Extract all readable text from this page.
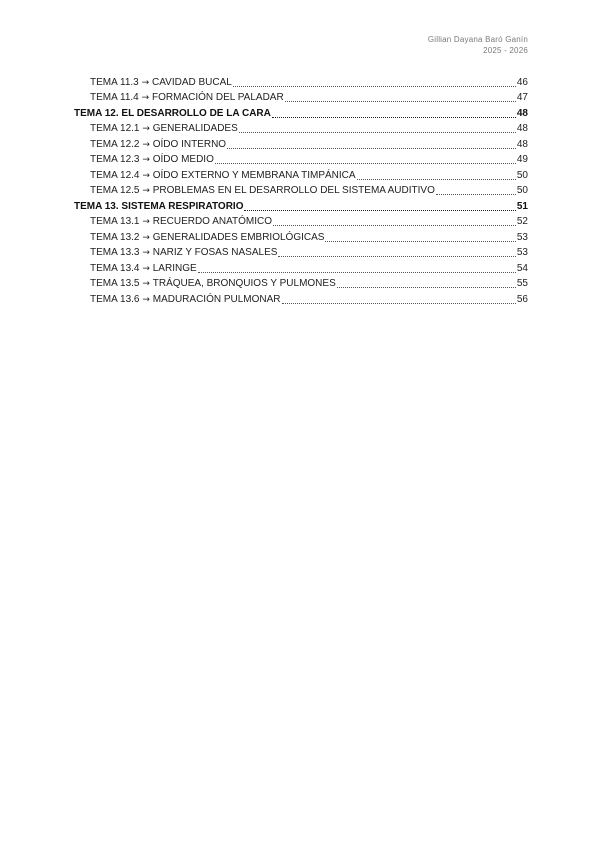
Gillian Dayana Baró Ganín
2025 - 2026
TEMA 11.3 → CAVIDAD BUCAL	46
TEMA 11.4 → FORMACIÓN DEL PALADAR	47
TEMA 12. EL DESARROLLO DE LA CARA	48
TEMA 12.1 → GENERALIDADES	48
TEMA 12.2 → OÍDO INTERNO	48
TEMA 12.3 → OÍDO MEDIO	49
TEMA 12.4 → OÍDO EXTERNO Y MEMBRANA TIMPÁNICA	50
TEMA 12.5 → PROBLEMAS EN EL DESARROLLO DEL SISTEMA AUDITIVO	50
TEMA 13. SISTEMA RESPIRATORIO	51
TEMA 13.1 → RECUERDO ANATÓMICO	52
TEMA 13.2 → GENERALIDADES EMBRIOLÓGICAS	53
TEMA 13.3 → NARIZ Y FOSAS NASALES	53
TEMA 13.4 → LARINGE	54
TEMA 13.5 → TRÁQUEA, BRONQUIOS Y PULMONES	55
TEMA 13.6 → MADURACIÓN PULMONAR	56
